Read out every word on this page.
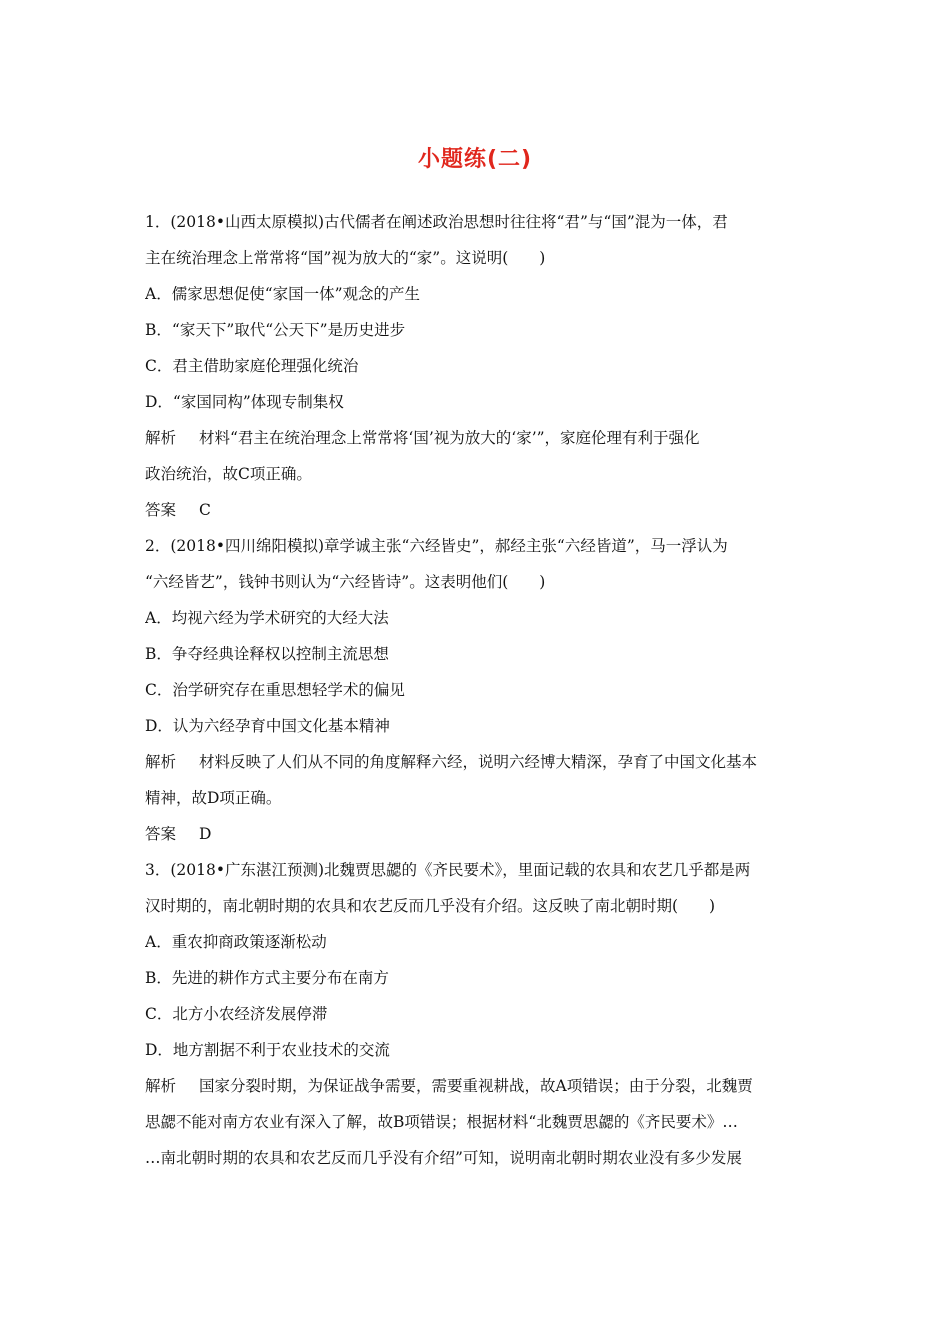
小题练(二)
1．(2018•山西太原模拟)古代儒者在阐述政治思想时往往将“君”与“国”混为一体，君
主在统治理念上常常将“国”视为放大的“家”。这说明(　　)
A．儒家思想促使“家国一体”观念的产生
B．“家天下”取代“公天下”是历史进步
C．君主借助家庭伦理强化统治
D．“家国同构”体现专制集权
解析 材料“君主在统治理念上常常将‘国’视为放大的‘家’”，家庭伦理有利于强化
政治统治，故C项正确。
答案 C
2．(2018•四川绵阳模拟)章学诚主张“六经皆史”，郝经主张“六经皆道”，马一浮认为
“六经皆艺”，钱钟书则认为“六经皆诗”。这表明他们(　　)
A．均视六经为学术研究的大经大法
B．争夺经典诠释权以控制主流思想
C．治学研究存在重思想轻学术的偏见
D．认为六经孕育中国文化基本精神
解析 材料反映了人们从不同的角度解释六经，说明六经博大精深，孕育了中国文化基本
精神，故D项正确。
答案 D
3．(2018•广东湛江预测)北魏贾思勰的《齐民要术》，里面记载的农具和农艺几乎都是两
汉时期的，南北朝时期的农具和农艺反而几乎没有介绍。这反映了南北朝时期(　　)
A．重农抑商政策逐渐松动
B．先进的耕作方式主要分布在南方
C．北方小农经济发展停滞
D．地方割据不利于农业技术的交流
解析 国家分裂时期，为保证战争需要，需要重视耕战，故A项错误；由于分裂，北魏贾
思勰不能对南方农业有深入了解，故B项错误；根据材料“北魏贾思勰的《齐民要术》…
…南北朝时期的农具和农艺反而几乎没有介绍”可知，说明南北朝时期农业没有多少发展
